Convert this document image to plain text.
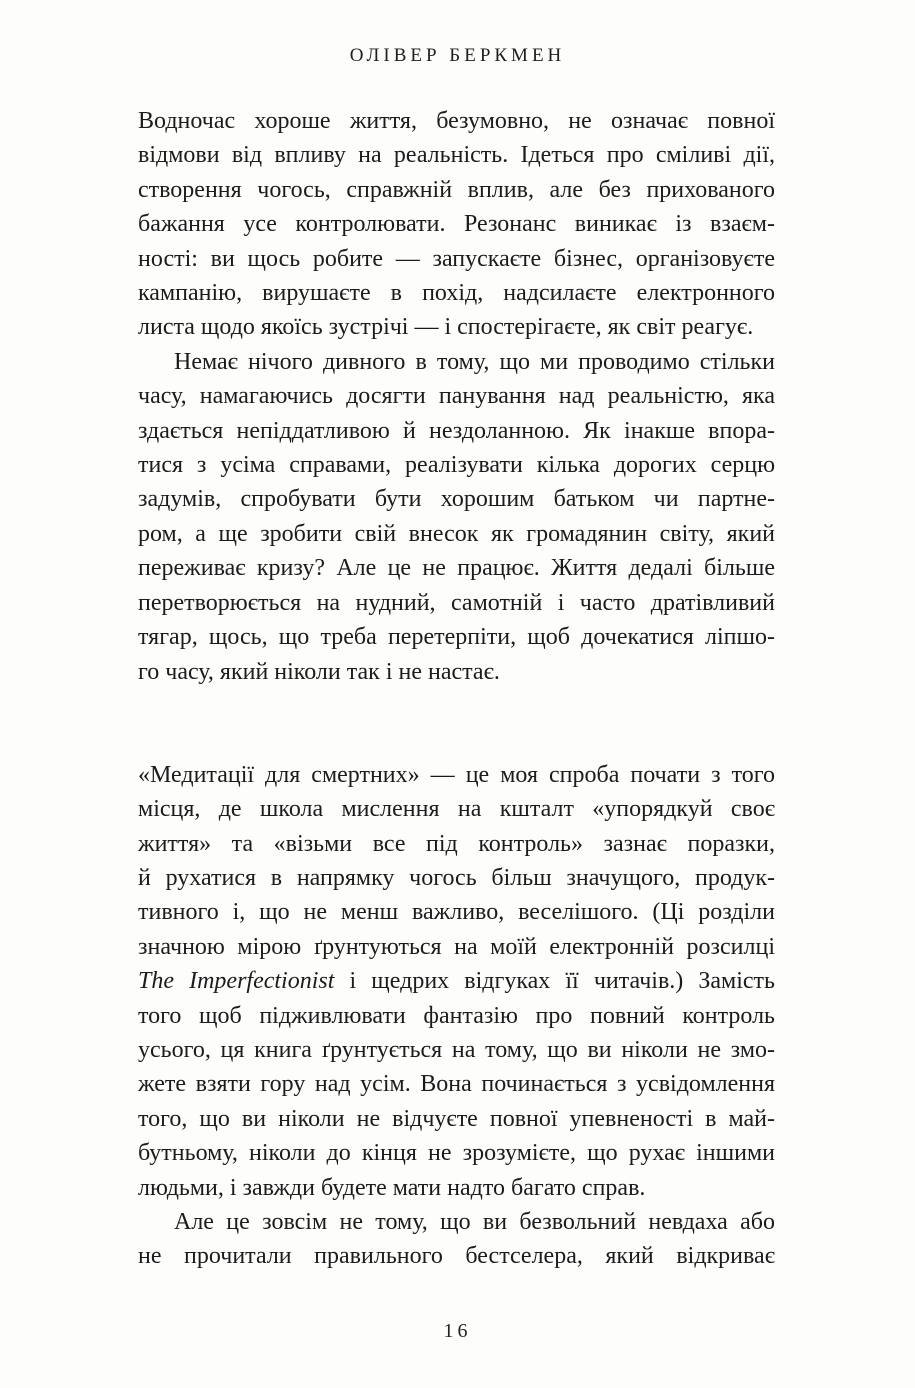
ОЛІВЕР БЕРКМЕН
Водночас хороше життя, безумовно, не означає повної
відмови від впливу на реальність. Ідеться про сміливі дії,
створення чогось, справжній вплив, але без прихованого
бажання усе контролювати. Резонанс виникає із взаєм-
ності: ви щось робите — запускаєте бізнес, організовуєте
кампанію, вирушаєте в похід, надсилаєте електронного
листа щодо якоїсь зустрічі — і спостерігаєте, як світ реагує.
Немає нічого дивного в тому, що ми проводимо стільки
часу, намагаючись досягти панування над реальністю, яка
здається непіддатливою й нездоланною. Як інакше впора-
тися з усіма справами, реалізувати кілька дорогих серцю
задумів, спробувати бути хорошим батьком чи партне-
ром, а ще зробити свій внесок як громадянин світу, який
переживає кризу? Але це не працює. Життя дедалі більше
перетворюється на нудний, самотній і часто дратівливий
тягар, щось, що треба перетерпіти, щоб дочекатися ліпшо-
го часу, який ніколи так і не настає.
«Медитації для смертних» — це моя спроба почати з того
місця, де школа мислення на кшталт «упорядкуй своє
життя» та «візьми все під контроль» зазнає поразки,
й рухатися в напрямку чогось більш значущого, продук-
тивного і, що не менш важливо, веселішого. (Ці розділи
значною мірою ґрунтуються на моїй електронній розсилці
The Imperfectionist і щедрих відгуках її читачів.) Замість
того щоб підживлювати фантазію про повний контроль
усього, ця книга ґрунтується на тому, що ви ніколи не змо-
жете взяти гору над усім. Вона починається з усвідомлення
того, що ви ніколи не відчуєте повної упевненості в май-
бутньому, ніколи до кінця не зрозумієте, що рухає іншими
людьми, і завжди будете мати надто багато справ.
Але це зовсім не тому, що ви безвольний невдаха або
не прочитали правильного бестселера, який відкриває
16
